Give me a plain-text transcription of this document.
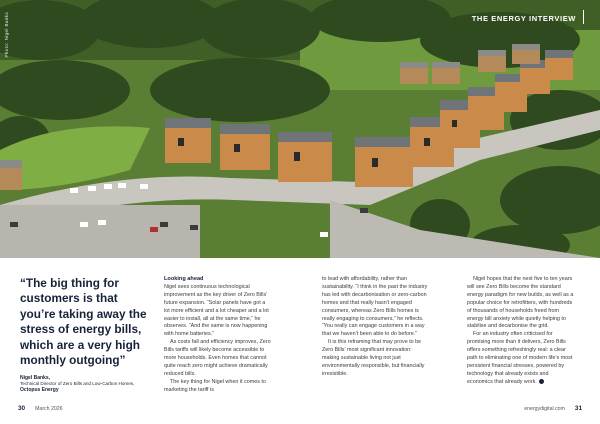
THE ENERGY INTERVIEW
Photo: Nigel Banks
“The big thing for customers is that you’re taking away the stress of energy bills, which are a very high monthly outgoing”
Nigel Banks,
Technical Director of Zero Bills and Low-Carbon Homes,
Octopus Energy
Looking ahead

Nigel sees continuous technological improvement as the key driver of Zero Bills’ future expansion. “Solar panels have got a lot more efficient and a lot cheaper and a lot easier to install, all at the same time,” he observes. “And the same is now happening with home batteries.”

As costs fall and efficiency improves, Zero Bills tariffs will likely become accessible to more households. Even homes that cannot quite reach zero might achieve dramatically reduced bills.

The key thing for Nigel when it comes to marketing the tariff is

to lead with affordability, rather than sustainability. “I think in the past the industry has led with decarbonisation or zero-carbon homes and that really hasn’t engaged consumers, whereas Zero Bills homes is really engaging to consumers,” he reflects. “You really can engage customers in a way that we haven’t been able to do before.”

It is this reframing that may prove to be Zero Bills’ most significant innovation: making sustainable living not just environmentally responsible, but financially irresistible.

Nigel hopes that the next five to ten years will see Zero Bills become the standard energy paradigm for new builds, as well as a popular choice for retrofitters, with hundreds of thousands of households freed from energy bill anxiety while quietly helping to stabilise and decarbonise the grid.

For an industry often criticised for promising more than it delivers, Zero Bills offers something refreshingly real: a clear path to eliminating one of modern life’s most persistent financial stresses, powered by technology that already exists and economics that already work.

30 March 2026	energydigital.com 31
